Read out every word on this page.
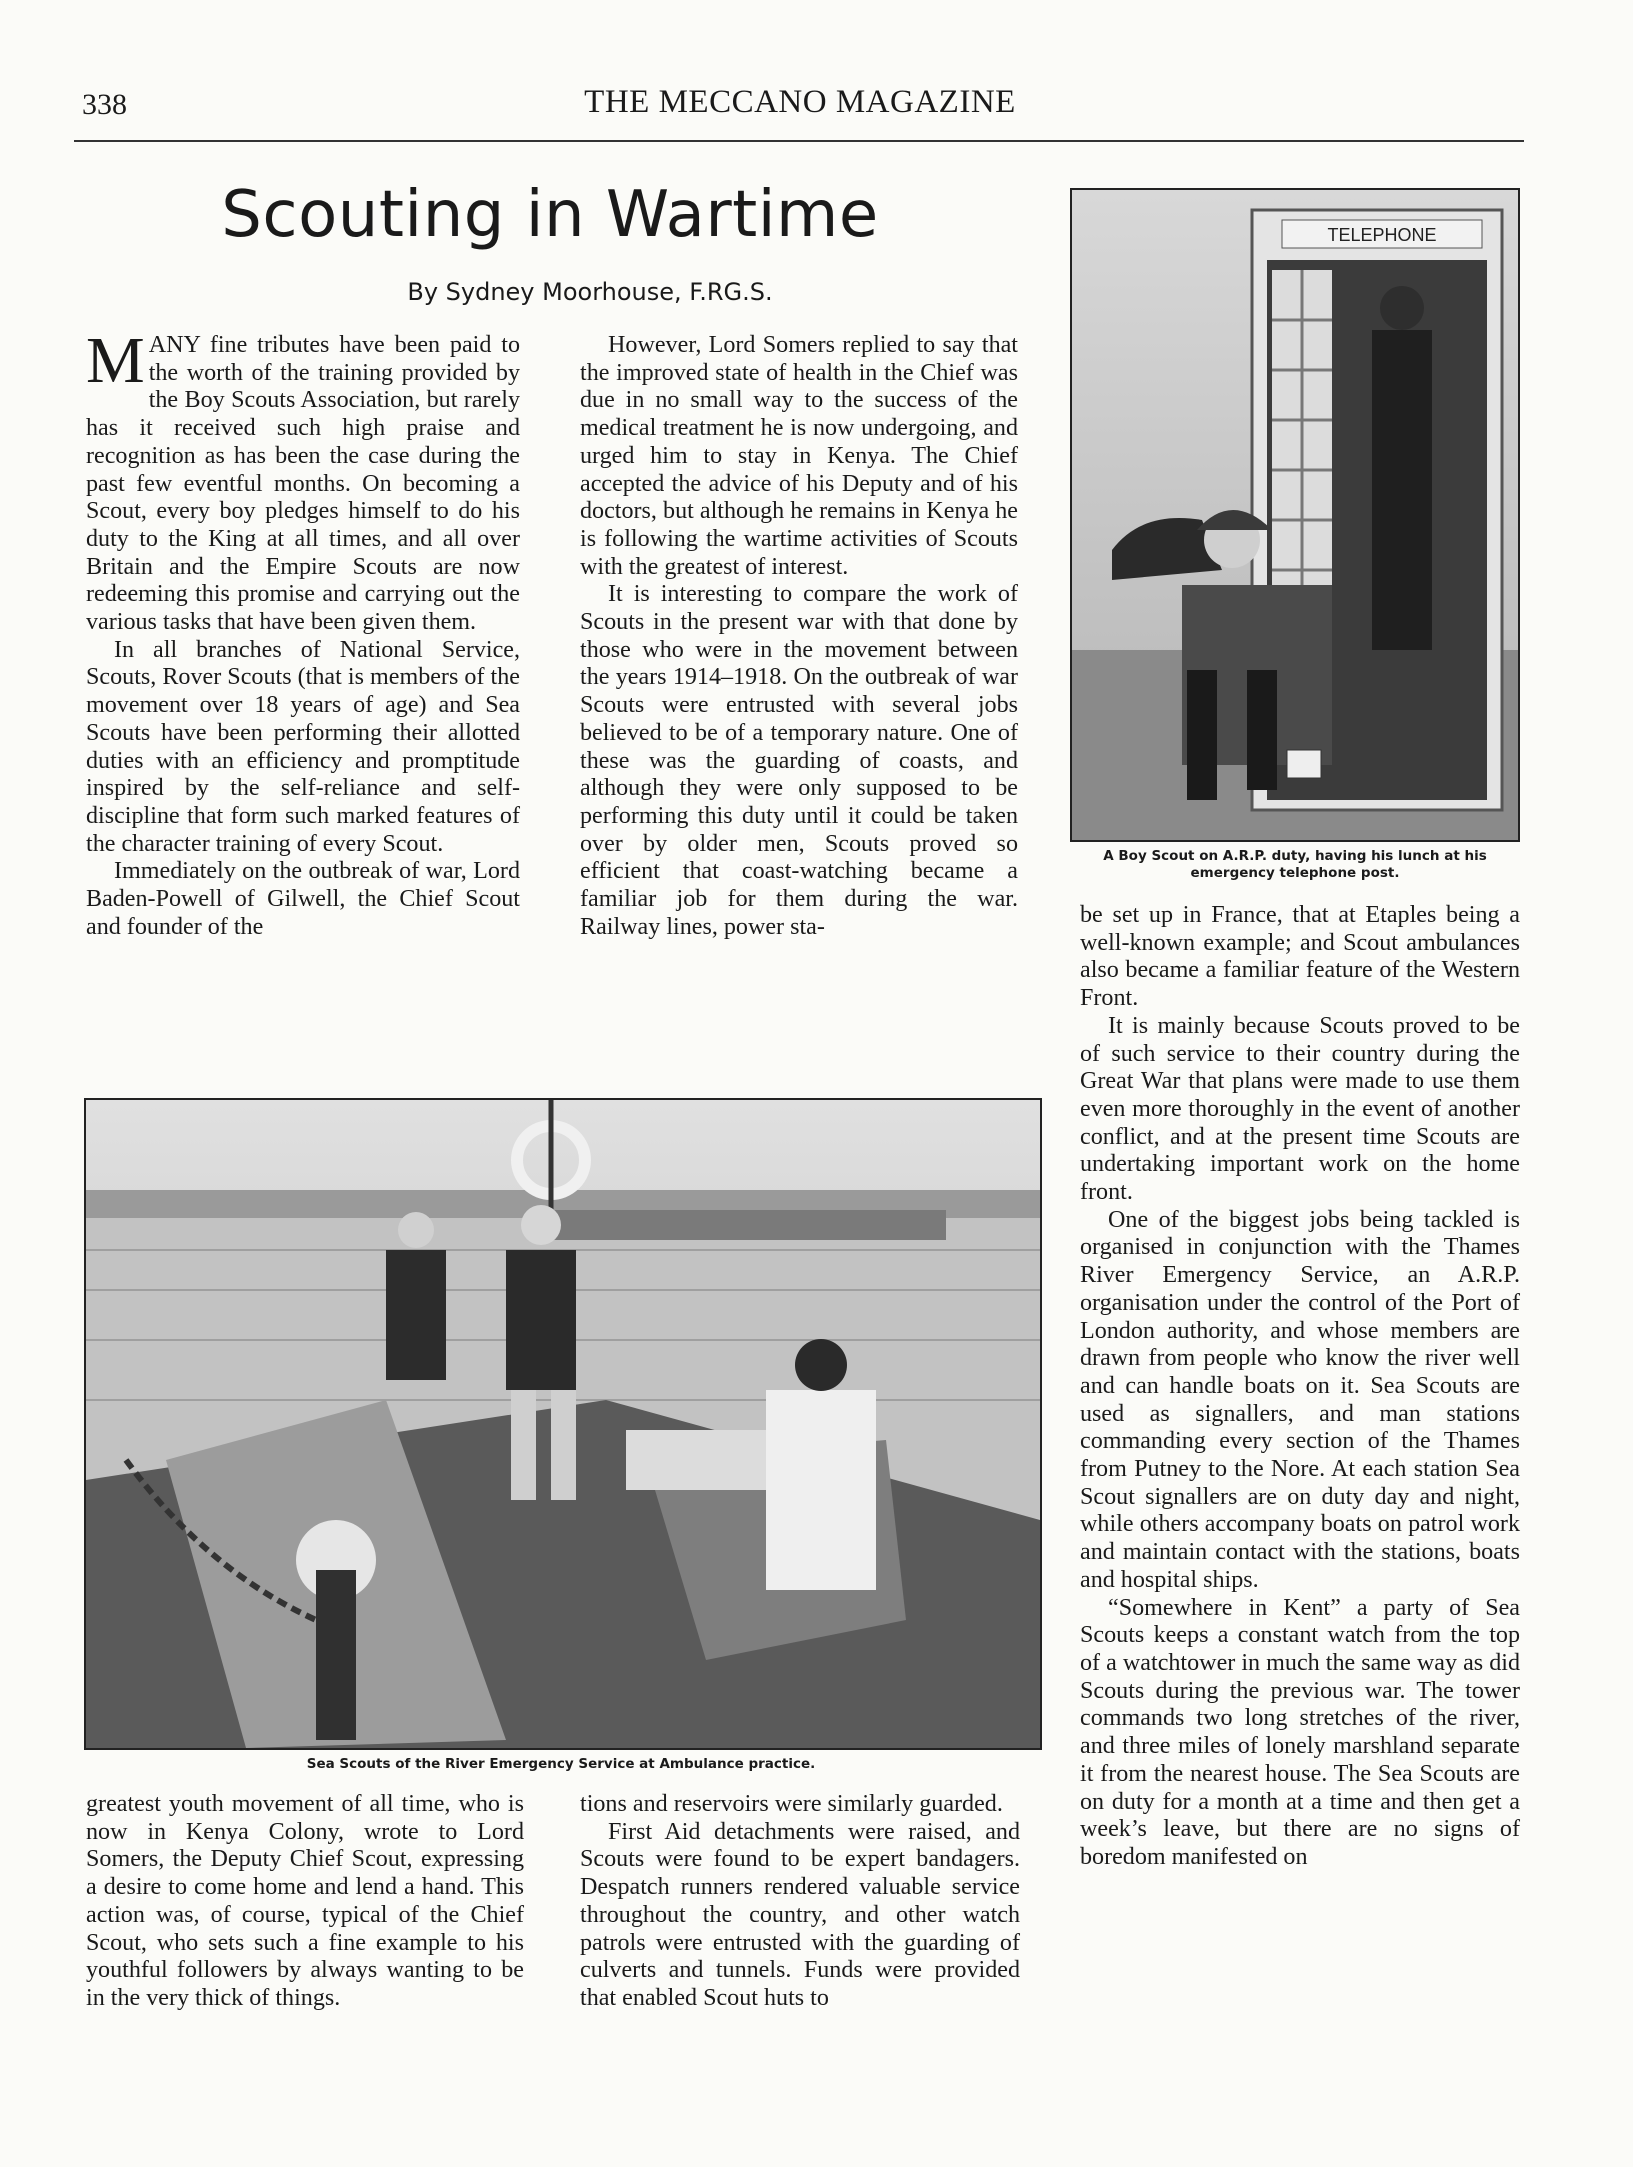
338	THE MECCANO MAGAZINE
Scouting in Wartime
By Sydney Moorhouse, F.RG.S.

MANY fine tributes have been paid to the worth of the training provided by the Boy Scouts Association, but rarely has it received such high praise and recognition as has been the case during the past few eventful months. On becoming a Scout, every boy pledges himself to do his duty to the King at all times, and all over Britain and the Empire Scouts are now redeeming this promise and carrying out the various tasks that have been given them.

In all branches of National Service, Scouts, Rover Scouts (that is members of the movement over 18 years of age) and Sea Scouts have been performing their allotted duties with an efficiency and promptitude inspired by the self-reliance and self-discipline that form such marked features of the character training of every Scout.

Immediately on the outbreak of war, Lord Baden-Powell of Gilwell, the Chief Scout and founder of the

However, Lord Somers replied to say that the improved state of health in the Chief was due in no small way to the success of the medical treatment he is now undergoing, and urged him to stay in Kenya. The Chief accepted the advice of his Deputy and of his doctors, but although he remains in Kenya he is following the wartime activities of Scouts with the greatest of interest.

It is interesting to compare the work of Scouts in the present war with that done by those who were in the movement between the years 1914–1918. On the outbreak of war Scouts were entrusted with several jobs believed to be of a temporary nature. One of these was the guarding of coasts, and although they were only supposed to be performing this duty until it could be taken over by older men, Scouts proved so efficient that coast-watching became a familiar job for them during the war. Railway lines, power sta-

TELEPHONE
A Boy Scout on A.R.P. duty, having his lunch at his emergency telephone post.

be set up in France, that at Etaples being a well-known example; and Scout ambulances also became a familiar feature of the Western Front.

It is mainly because Scouts proved to be of such service to their country during the Great War that plans were made to use them even more thoroughly in the event of another conflict, and at the present time Scouts are undertaking important work on the home front.

One of the biggest jobs being tackled is organised in conjunction with the Thames River Emergency Service, an A.R.P. organisation under the control of the Port of London authority, and whose members are drawn from people who know the river well and can handle boats on it. Sea Scouts are used as signallers, and man stations commanding every section of the Thames from Putney to the Nore. At each station Sea Scout signallers are on duty day and night, while others accompany boats on patrol work and maintain contact with the stations, boats and hospital ships.

“Somewhere in Kent” a party of Sea Scouts keeps a constant watch from the top of a watchtower in much the same way as did Scouts during the previous war. The tower commands two long stretches of the river, and three miles of lonely marshland separate it from the nearest house. The Sea Scouts are on duty for a month at a time and then get a week’s leave, but there are no signs of boredom manifested on

Sea Scouts of the River Emergency Service at Ambulance practice.

greatest youth movement of all time, who is now in Kenya Colony, wrote to Lord Somers, the Deputy Chief Scout, expressing a desire to come home and lend a hand. This action was, of course, typical of the Chief Scout, who sets such a fine example to his youthful followers by always wanting to be in the very thick of things.

tions and reservoirs were similarly guarded.

First Aid detachments were raised, and Scouts were found to be expert bandagers. Despatch runners rendered valuable service throughout the country, and other watch patrols were entrusted with the guarding of culverts and tunnels. Funds were provided that enabled Scout huts to
